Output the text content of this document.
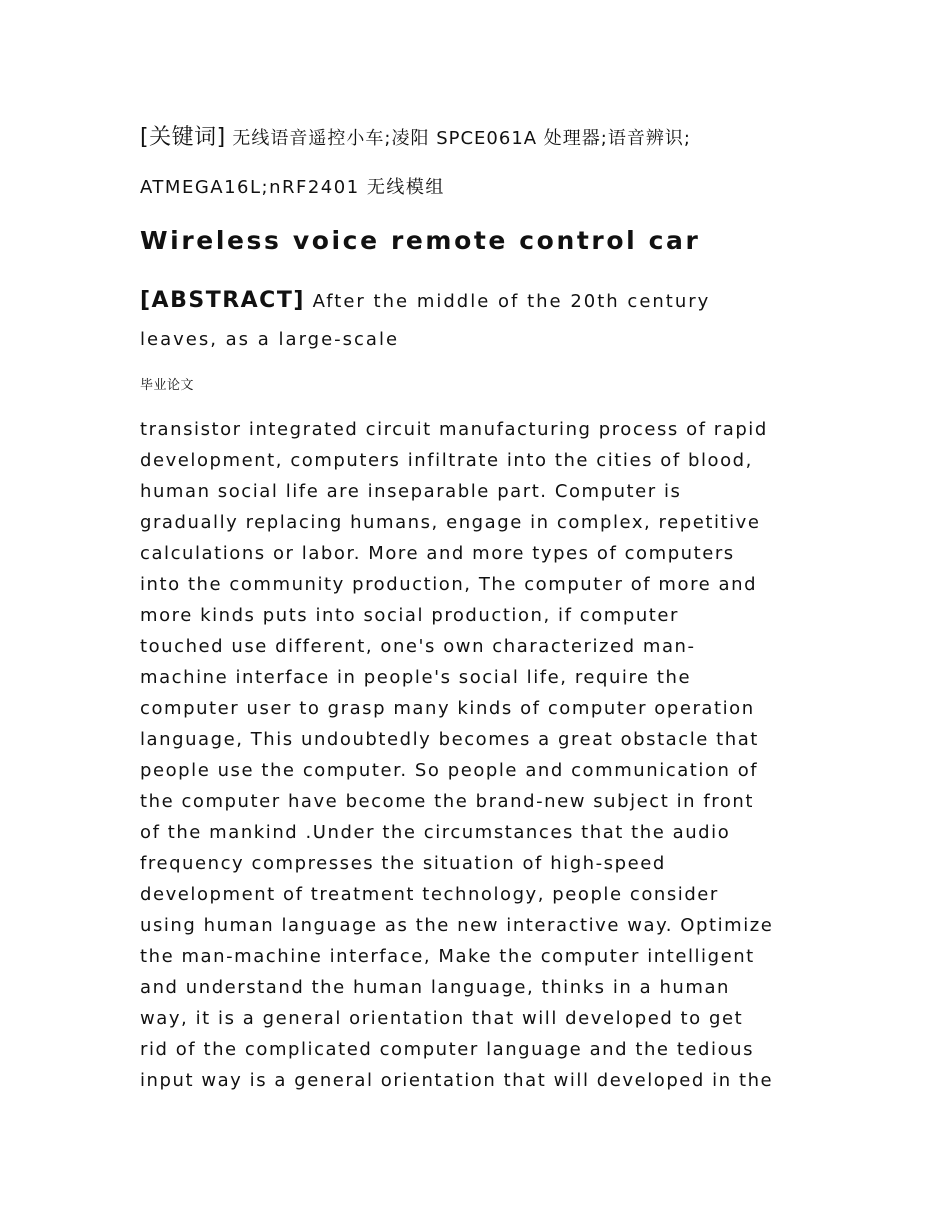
[关键词] 无线语音遥控小车;凌阳 SPCE061A 处理器;语音辨识;
ATMEGA16L;nRF2401 无线模组
Wireless voice remote control car
[ABSTRACT] After the middle of the 20th century
leaves, as a large-scale
毕业论文
transistor integrated circuit manufacturing process of rapid
development, computers infiltrate into the cities of blood,
human social life are inseparable part. Computer is
gradually replacing humans, engage in complex, repetitive
calculations or labor. More and more types of computers
into the community production, The computer of more and
more kinds puts into social production, if computer
touched use different, one's own characterized man-
machine interface in people's social life, require the
computer user to grasp many kinds of computer operation
language, This undoubtedly becomes a great obstacle that
people use the computer. So people and communication of
the computer have become the brand-new subject in front
of the mankind .Under the circumstances that the audio
frequency compresses the situation of high-speed
development of treatment technology, people consider
using human language as the new interactive way. Optimize
the man-machine interface, Make the computer intelligent
and understand the human language, thinks in a human
way, it is a general orientation that will developed to get
rid of the complicated computer language and the tedious
input way is a general orientation that will developed in the
